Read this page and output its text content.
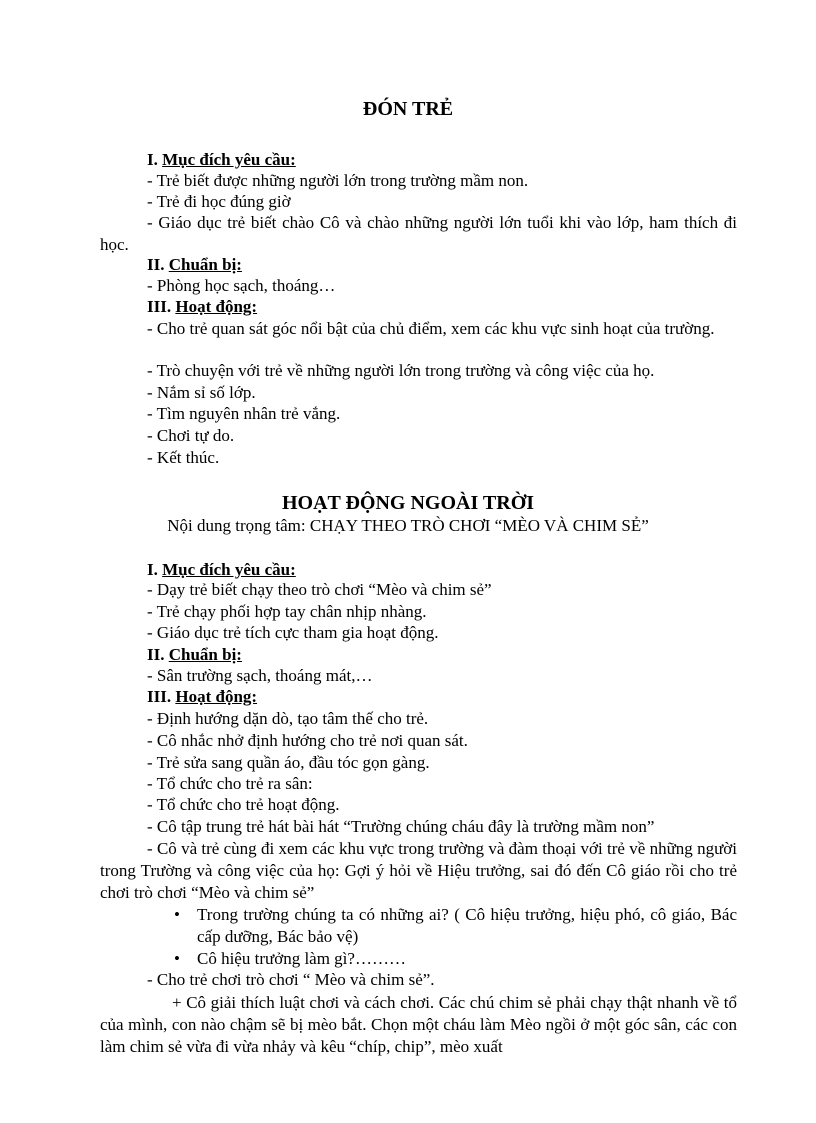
ĐÓN TRẺ
I. Mục đích yêu cầu:
- Trẻ biết được những người lớn trong trường mầm non.
- Trẻ đi học đúng giờ
- Giáo dục trẻ biết chào Cô và chào những người lớn tuổi khi vào lớp, ham thích đi học.
II. Chuẩn bị:
- Phòng học sạch, thoáng…
III. Hoạt động:
- Cho trẻ quan sát góc nổi bật của chủ điểm, xem các khu vực sinh hoạt của trường.
- Trò chuyện với trẻ về những người lớn trong trường và công việc của họ.
- Nắm sỉ số lớp.
- Tìm nguyên nhân trẻ vắng.
- Chơi tự do.
- Kết thúc.
HOẠT ĐỘNG NGOÀI TRỜI
Nội dung trọng tâm: CHẠY THEO TRÒ CHƠI “MÈO VÀ CHIM SẺ”
I. Mục đích yêu cầu:
- Dạy trẻ biết chạy theo trò chơi “Mèo và chim sẻ”
- Trẻ chạy phối hợp tay chân nhịp nhàng.
- Giáo dục trẻ tích cực tham gia hoạt động.
II. Chuẩn bị:
- Sân trường sạch, thoáng mát,…
III. Hoạt động:
- Định hướng dặn dò, tạo tâm thế cho trẻ.
- Cô nhắc nhở định hướng cho trẻ nơi quan sát.
- Trẻ sửa sang quần áo, đầu tóc gọn gàng.
- Tổ chức cho trẻ ra sân:
- Tổ chức cho trẻ hoạt động.
- Cô tập trung trẻ hát bài hát “Trường chúng cháu đây là trường mầm non”
- Cô và trẻ cùng đi xem các khu vực trong trường và đàm thoại với trẻ về những người trong Trường và công việc của họ: Gợi ý hỏi về Hiệu trưởng, sai đó đến Cô giáo rồi cho trẻ chơi trò chơi “Mèo và chim sẻ”
• Trong trường chúng ta có những ai? ( Cô hiệu trưởng, hiệu phó, cô giáo, Bác cấp dưỡng, Bác bảo vệ)
• Cô hiệu trưởng làm gì?………
- Cho trẻ chơi trò chơi “ Mèo và chim sẻ”.
+ Cô giải thích luật chơi và cách chơi. Các chú chim sẻ phải chạy thật nhanh về tổ của mình, con nào chậm sẽ bị mèo bắt. Chọn một cháu làm Mèo ngồi ở một góc sân, các con làm chim sẻ vừa đi vừa nhảy và kêu “chíp, chip”, mèo xuất
